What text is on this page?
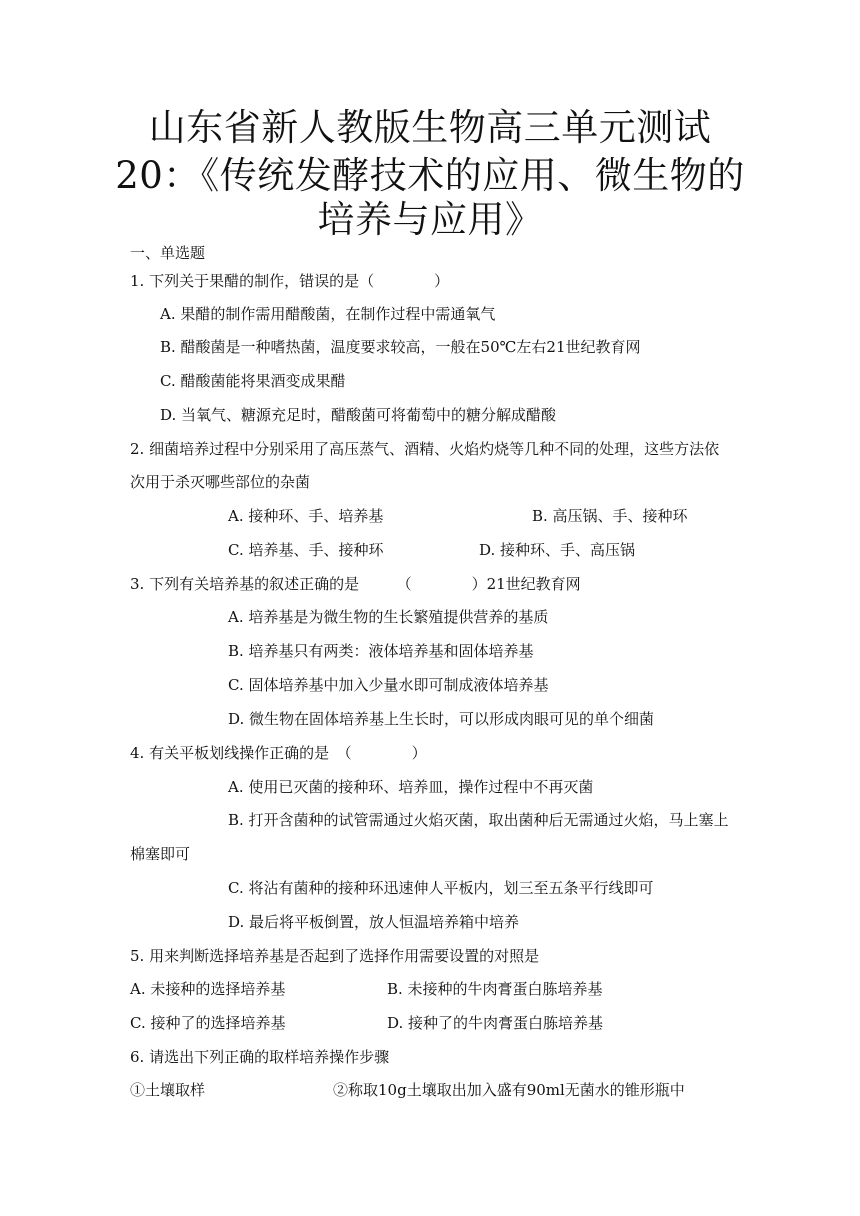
山东省新人教版生物高三单元测试
20：《传统发酵技术的应用、微生物的
培养与应用》
一、单选题
1. 下列关于果醋的制作，错误的是（　　　　）
A. 果醋的制作需用醋酸菌，在制作过程中需通氧气
B. 醋酸菌是一种嗜热菌，温度要求较高，一般在50℃左右21世纪教育网
C. 醋酸菌能将果酒变成果醋
D. 当氧气、糖源充足时，醋酸菌可将葡萄中的糖分解成醋酸
2. 细菌培养过程中分别采用了高压蒸气、酒精、火焰灼烧等几种不同的处理，这些方法依
次用于杀灭哪些部位的杂菌
A. 接种环、手、培养基	B. 高压锅、手、接种环
C. 培养基、手、接种环	D. 接种环、手、高压锅
3. 下列有关培养基的叙述正确的是　　　（　　　　）21世纪教育网
A. 培养基是为微生物的生长繁殖提供营养的基质
B. 培养基只有两类：液体培养基和固体培养基
C. 固体培养基中加入少量水即可制成液体培养基
D. 微生物在固体培养基上生长时，可以形成肉眼可见的单个细菌
4. 有关平板划线操作正确的是　（　　　　）
A. 使用已灭菌的接种环、培养皿，操作过程中不再灭菌
B. 打开含菌种的试管需通过火焰灭菌，取出菌种后无需通过火焰，马上塞上
棉塞即可
C. 将沾有菌种的接种环迅速伸人平板内，划三至五条平行线即可
D. 最后将平板倒置，放人恒温培养箱中培养
5. 用来判断选择培养基是否起到了选择作用需要设置的对照是
A. 未接种的选择培养基	B. 未接种的牛肉膏蛋白胨培养基
C. 接种了的选择培养基	D. 接种了的牛肉膏蛋白胨培养基
6. 请选出下列正确的取样培养操作步骤
①土壤取样	②称取10g土壤取出加入盛有90ml无菌水的锥形瓶中
